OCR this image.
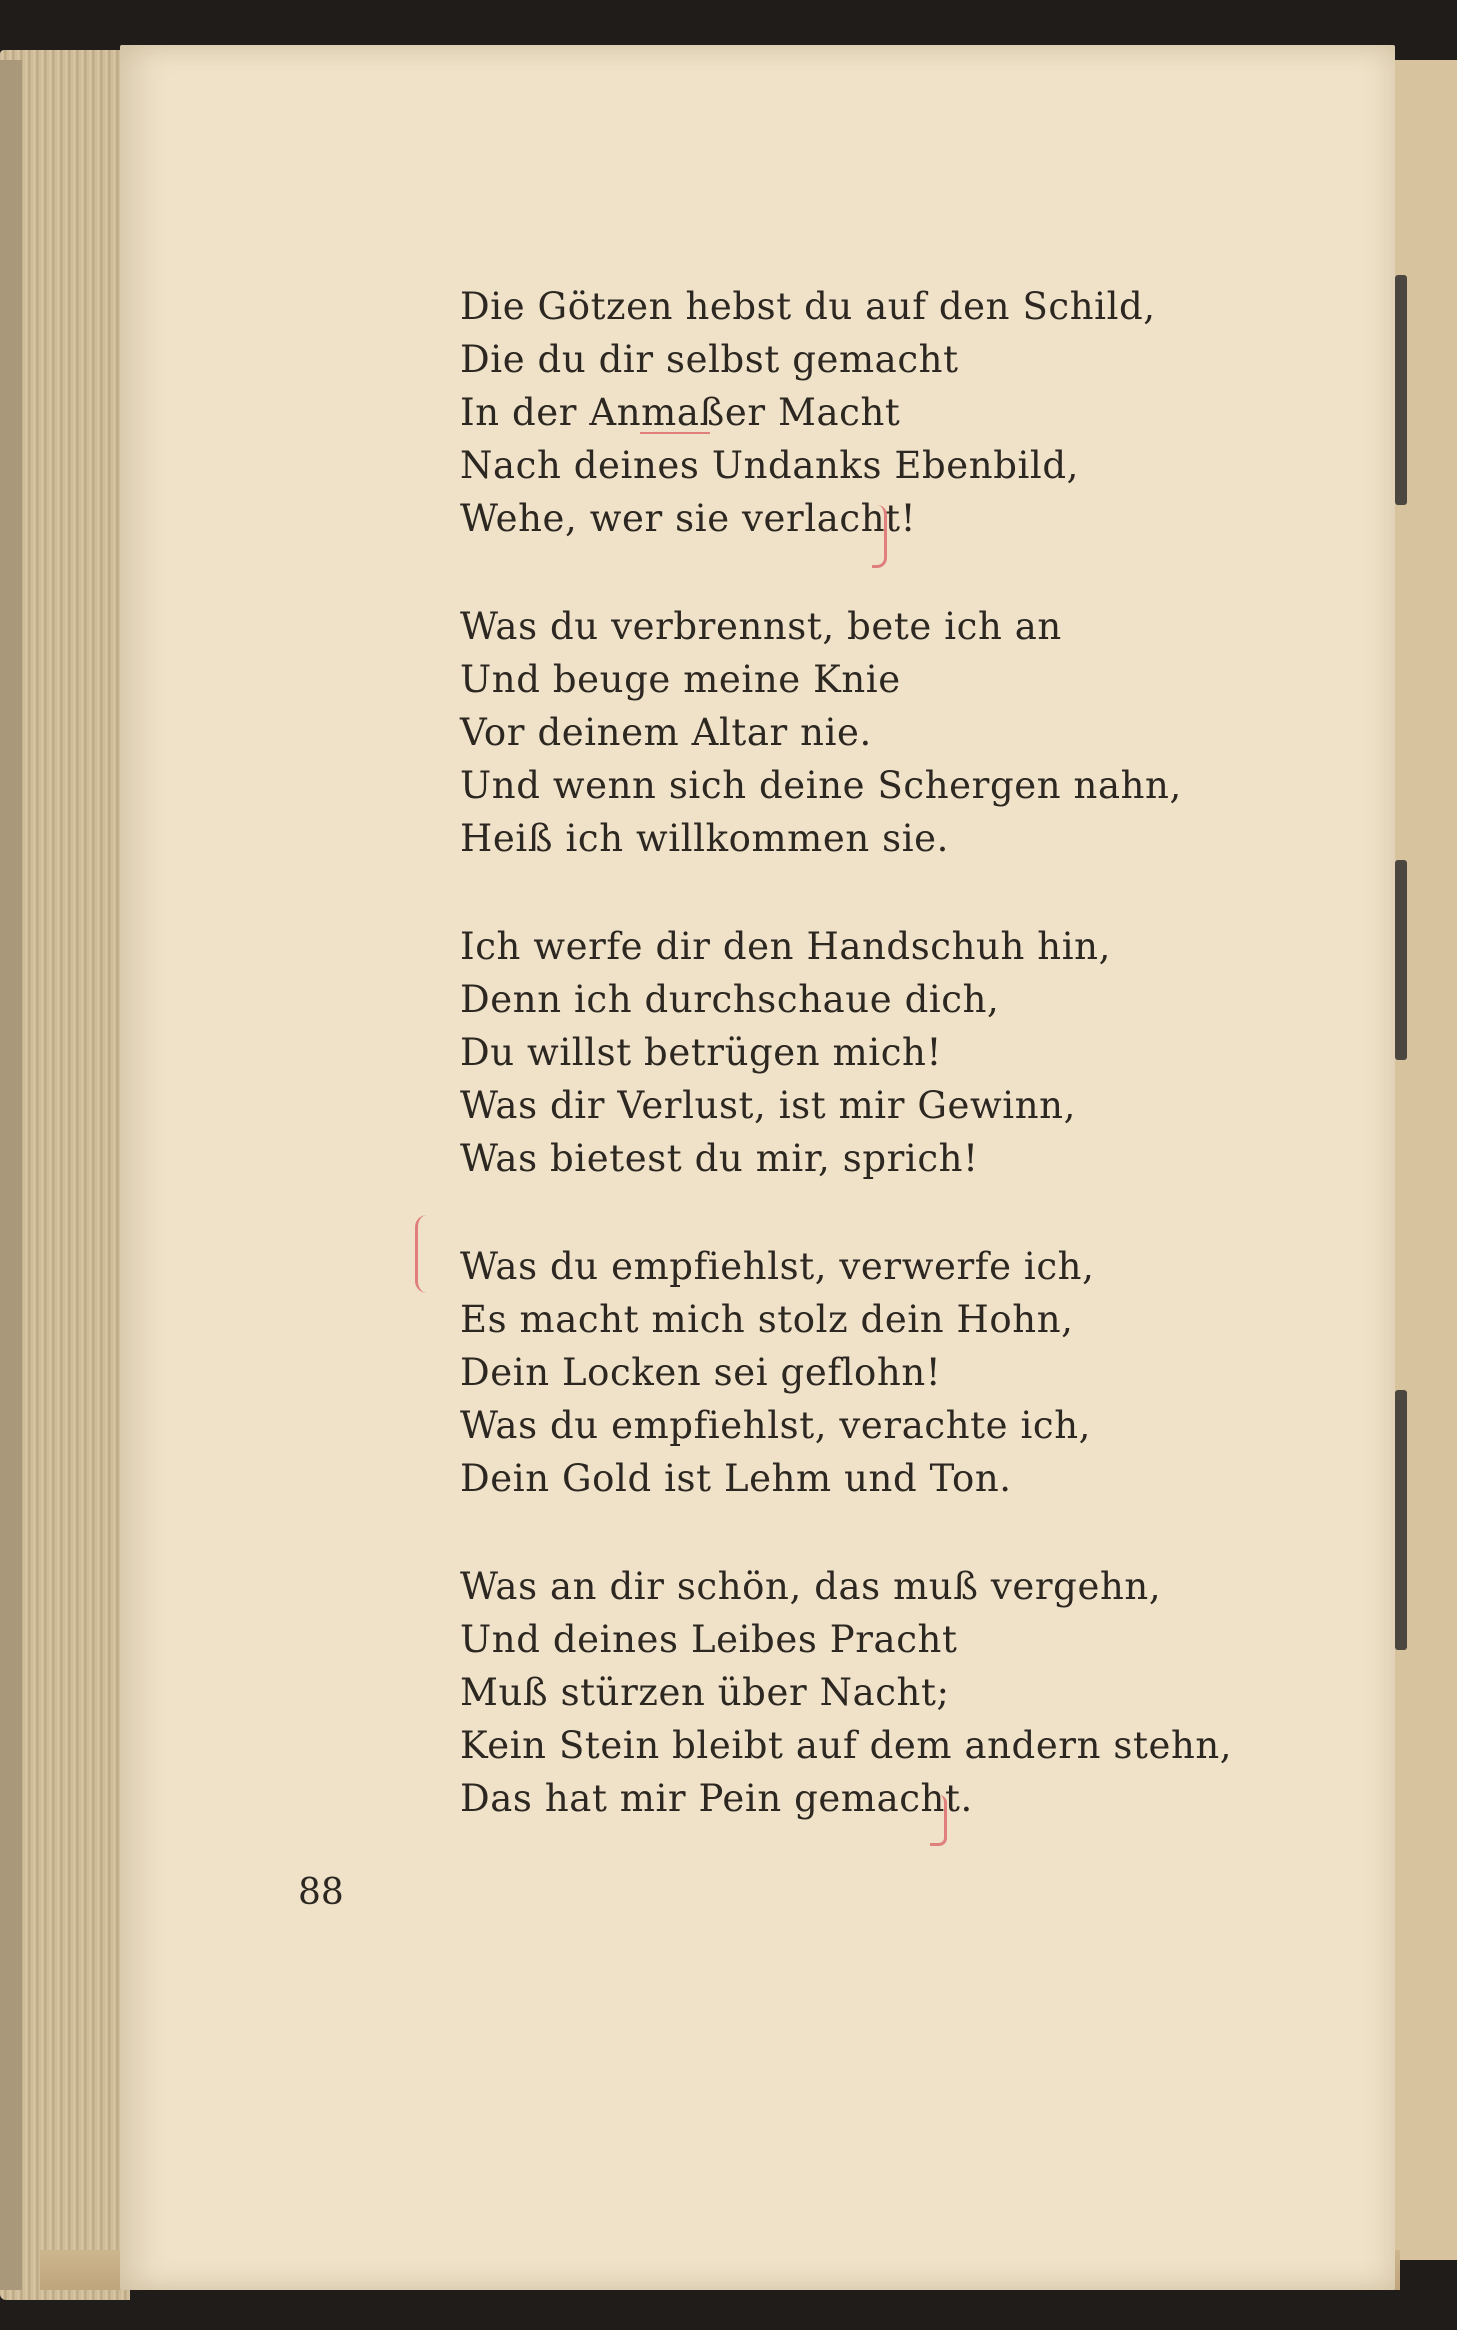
Die Götzen hebst du auf den Schild,
Die du dir selbst gemacht
In der Anmaßer Macht
Nach deines Undanks Ebenbild,
Wehe, wer sie verlacht!
Was du verbrennst, bete ich an
Und beuge meine Knie
Vor deinem Altar nie.
Und wenn sich deine Schergen nahn,
Heiß ich willkommen sie.
Ich werfe dir den Handschuh hin,
Denn ich durchschaue dich,
Du willst betrügen mich!
Was dir Verlust, ist mir Gewinn,
Was bietest du mir, sprich!
Was du empfiehlst, verwerfe ich,
Es macht mich stolz dein Hohn,
Dein Locken sei geflohn!
Was du empfiehlst, verachte ich,
Dein Gold ist Lehm und Ton.
Was an dir schön, das muß vergehn,
Und deines Leibes Pracht
Muß stürzen über Nacht;
Kein Stein bleibt auf dem andern stehn,
Das hat mir Pein gemacht.
88
